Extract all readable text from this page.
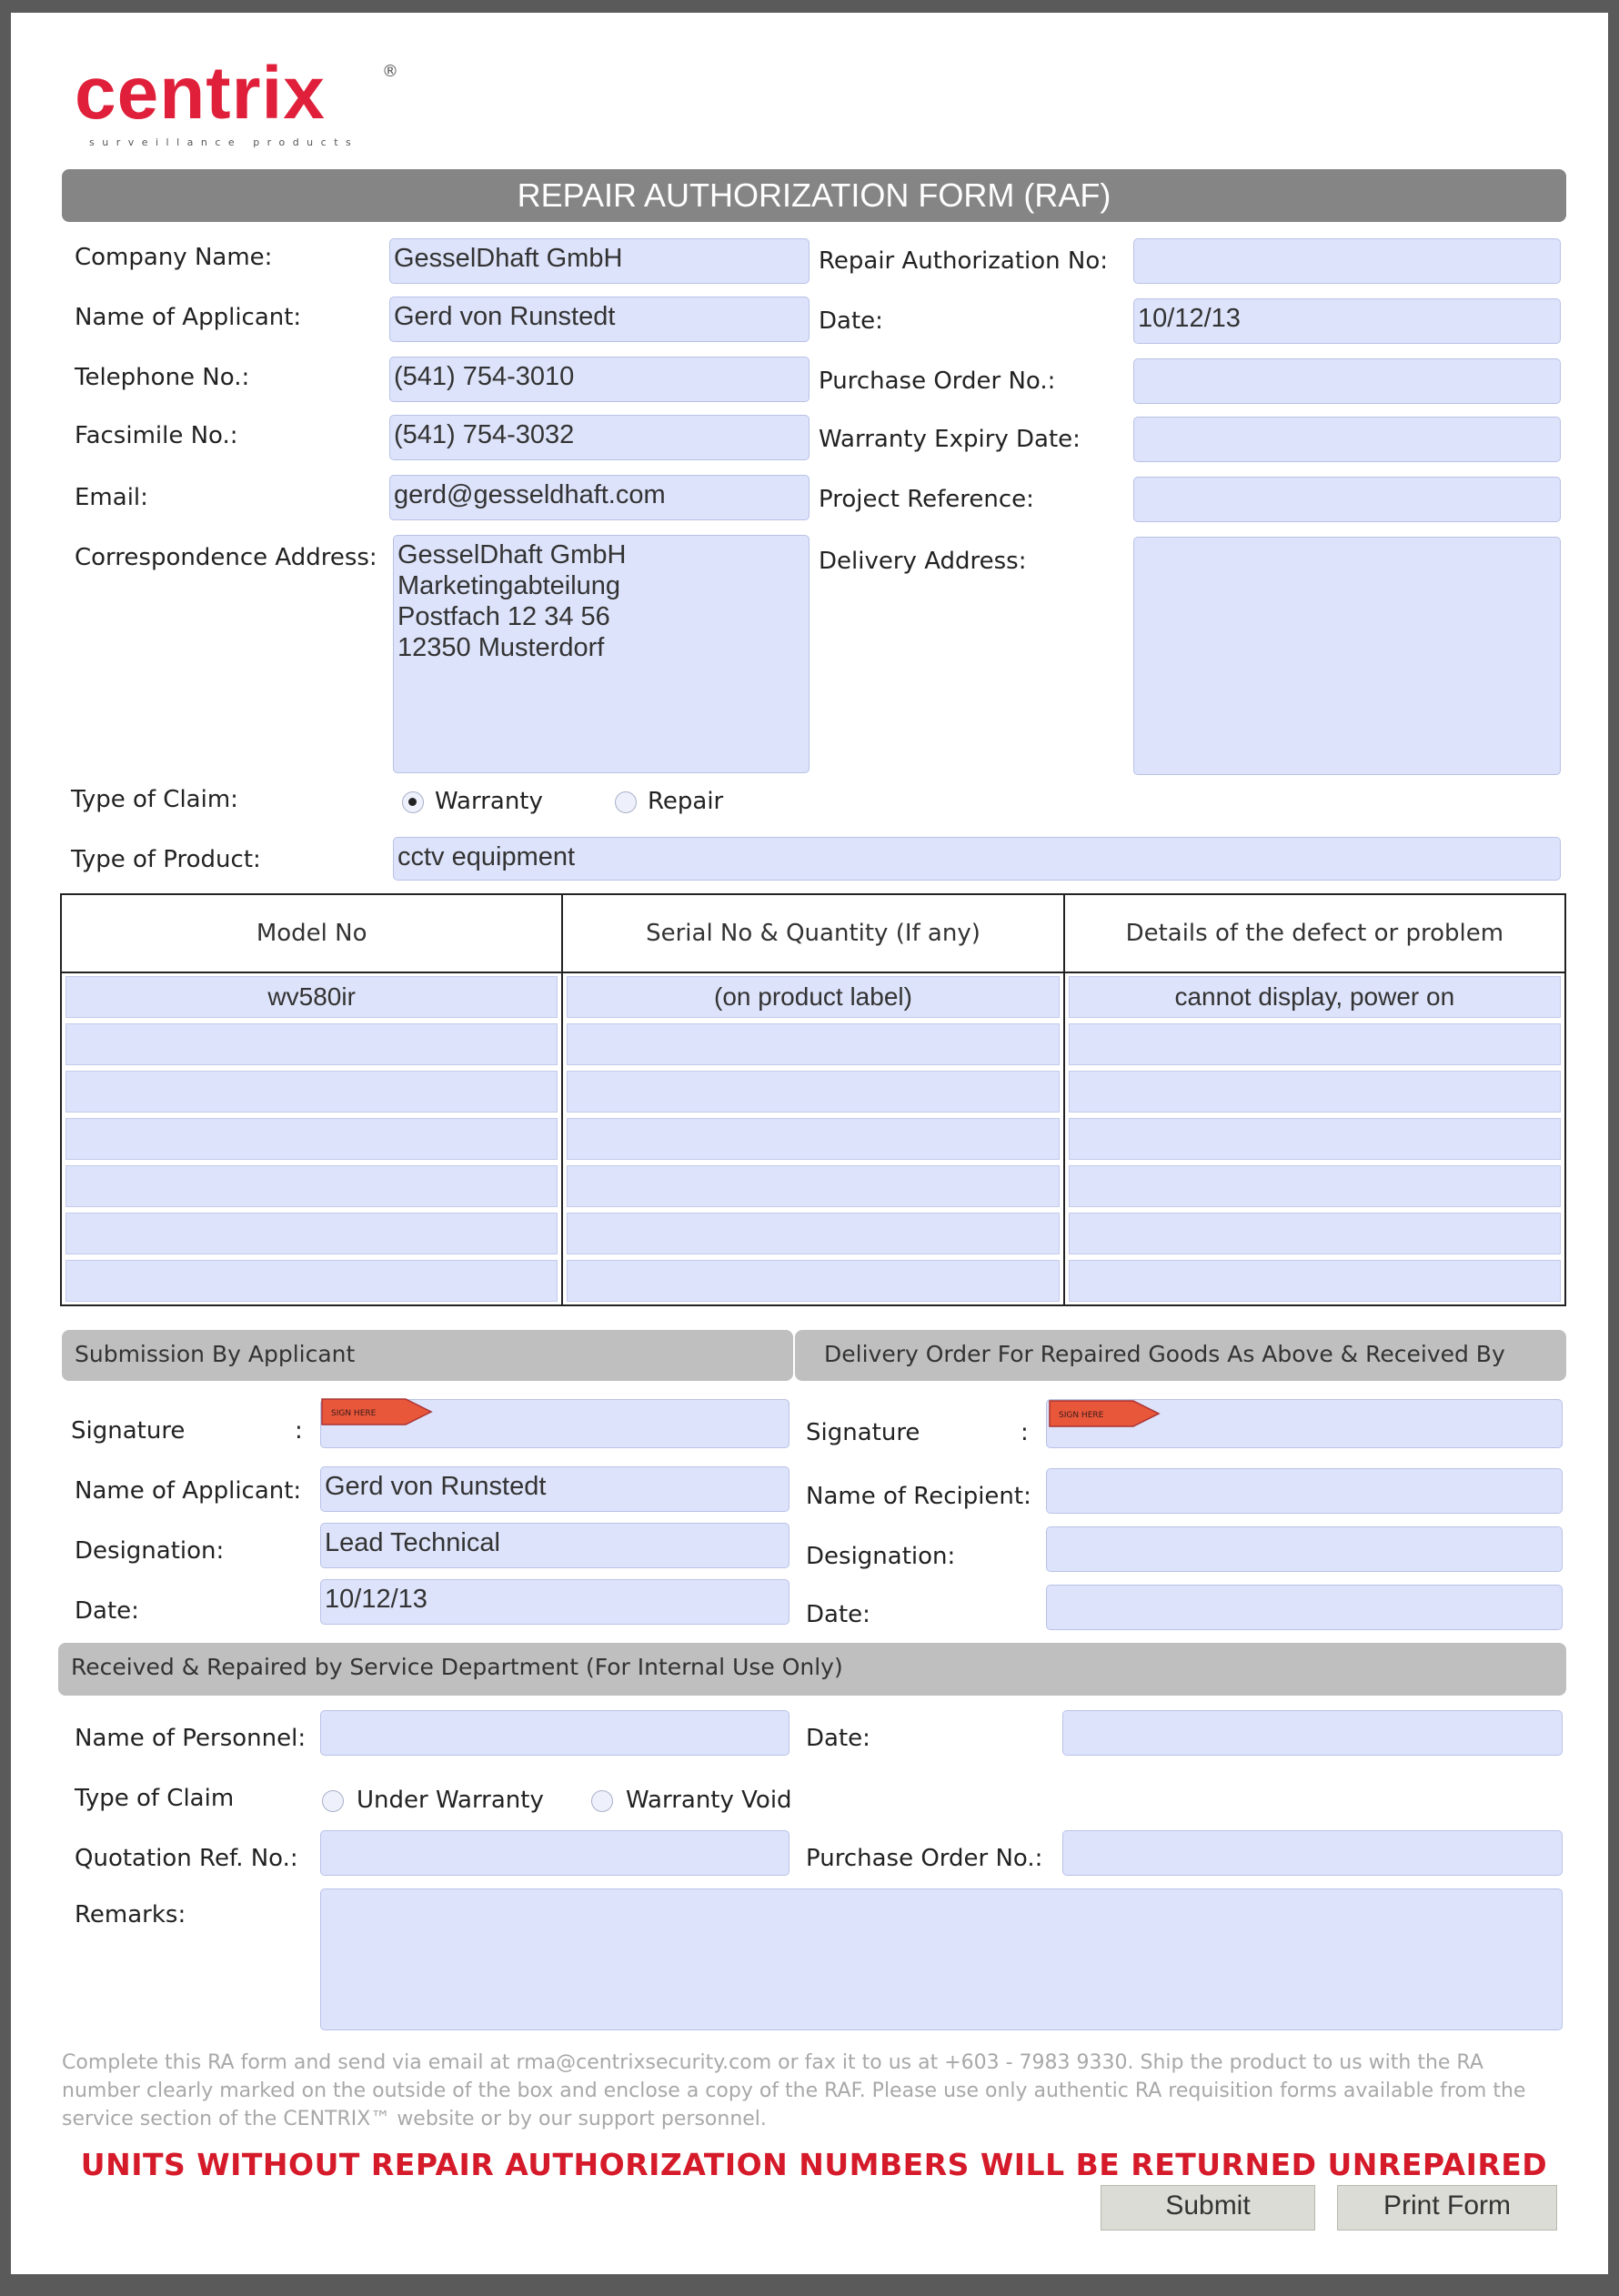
centrix	®
surveillance products
REPAIR AUTHORIZATION FORM (RAF)
Company Name:	GesselDhaft GmbH
Name of Applicant:	Gerd von Runstedt
Telephone No.:	(541) 754-3010
Facsimile No.:	(541) 754-3032
Email:	gerd@gesseldhaft.com
Repair Authorization No:
Date:	10/12/13
Purchase Order No.:
Warranty Expiry Date:
Project Reference:
Correspondence Address: GesselDhaft GmbH
Marketingabteilung
Postfach 12 34 56
12350 Musterdorf
Delivery Address:
Type of Claim:	Warranty	Repair
Type of Product:	cctv equipment
Model No	Serial No & Quantity (If any)	Details of the defect or problem

wv580ir	(on product label)	cannot display, power on

Submission By Applicant	Delivery Order For Repaired Goods As Above & Received By
Signature	:
SIGN HERE
Name of Applicant: Gerd von Runstedt
Designation:	Lead Technical
Date:	10/12/13
Signature	:
SIGN HERE
Name of Recipient:
Designation:
Date:
Received & Repaired by Service Department (For Internal Use Only)
Name of Personnel:	Date:
Type of Claim	Under Warranty	Warranty Void
Quotation Ref. No.:	Purchase Order No.:
Remarks:
Complete this RA form and send via email at rma@centrixsecurity.com or fax it to us at +603 - 7983 9330. Ship the product to us with the RA number clearly marked on the outside of the box and enclose a copy of the RAF. Please use only authentic RA requisition forms available from the service section of the CENTRIX™ website or by our support personnel.
UNITS WITHOUT REPAIR AUTHORIZATION NUMBERS WILL BE RETURNED UNREPAIRED
Submit	Print Form
